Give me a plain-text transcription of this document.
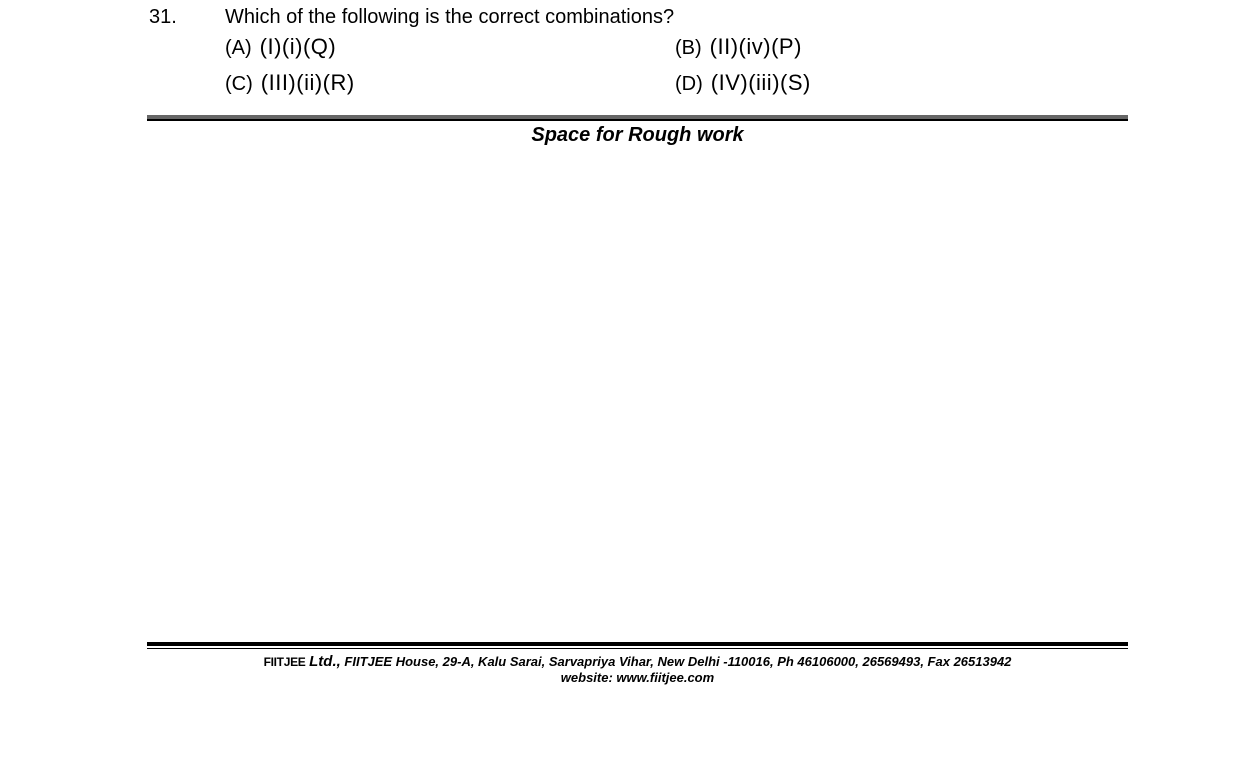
31. Which of the following is the correct combinations?
(A) (I)(i)(Q)	(B) (II)(iv)(P)
(C) (III)(ii)(R)	(D) (IV)(iii)(S)
Space for Rough work
FIITJEE Ltd., FIITJEE House, 29-A, Kalu Sarai, Sarvapriya Vihar, New Delhi -110016, Ph 46106000, 26569493, Fax 26513942
website: www.fiitjee.com
